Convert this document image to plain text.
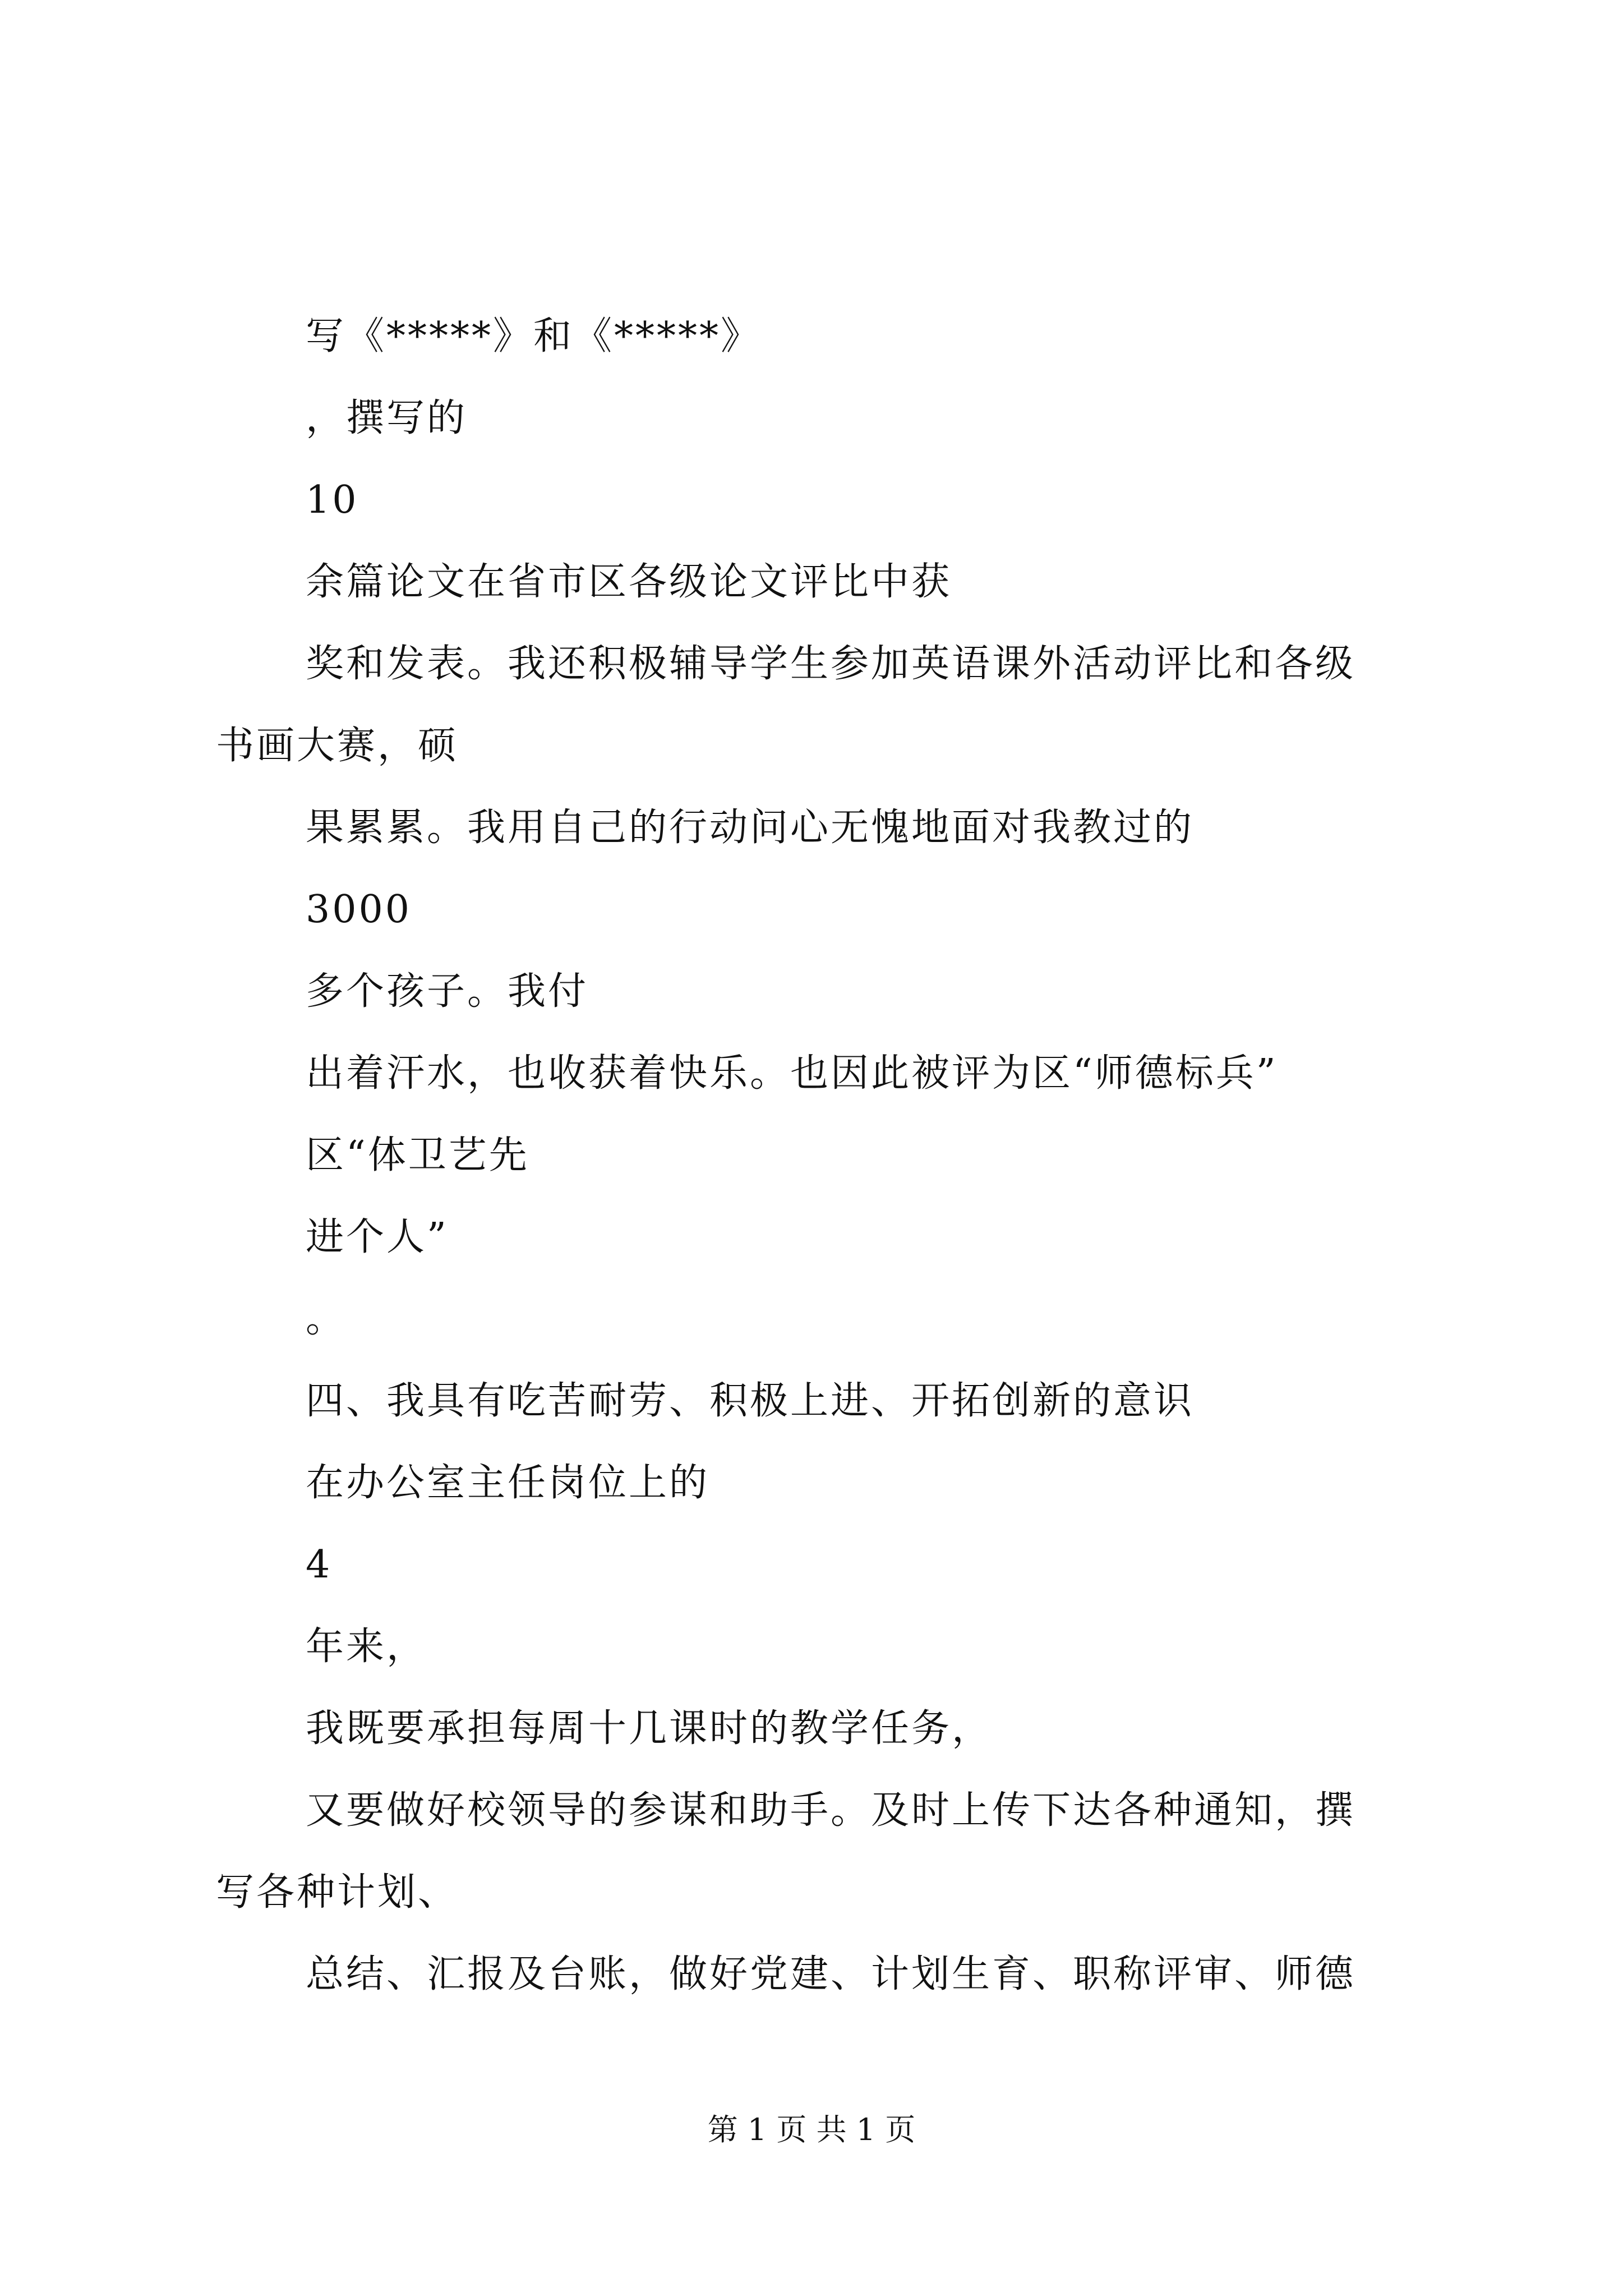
写《*****》和《*****》
，撰写的
10
余篇论文在省市区各级论文评比中获
奖和发表。我还积极辅导学生参加英语课外活动评比和各级
书画大赛，硕
果累累。我用自己的行动问心无愧地面对我教过的
3000
多个孩子。我付
出着汗水，也收获着快乐。也因此被评为区“师德标兵”
区“体卫艺先
进个人”
。
四、我具有吃苦耐劳、积极上进、开拓创新的意识
在办公室主任岗位上的
4
年来，
我既要承担每周十几课时的教学任务，
又要做好校领导的参谋和助手。及时上传下达各种通知，撰
写各种计划、
总结、汇报及台账，做好党建、计划生育、职称评审、师德
第 1 页 共 1 页
